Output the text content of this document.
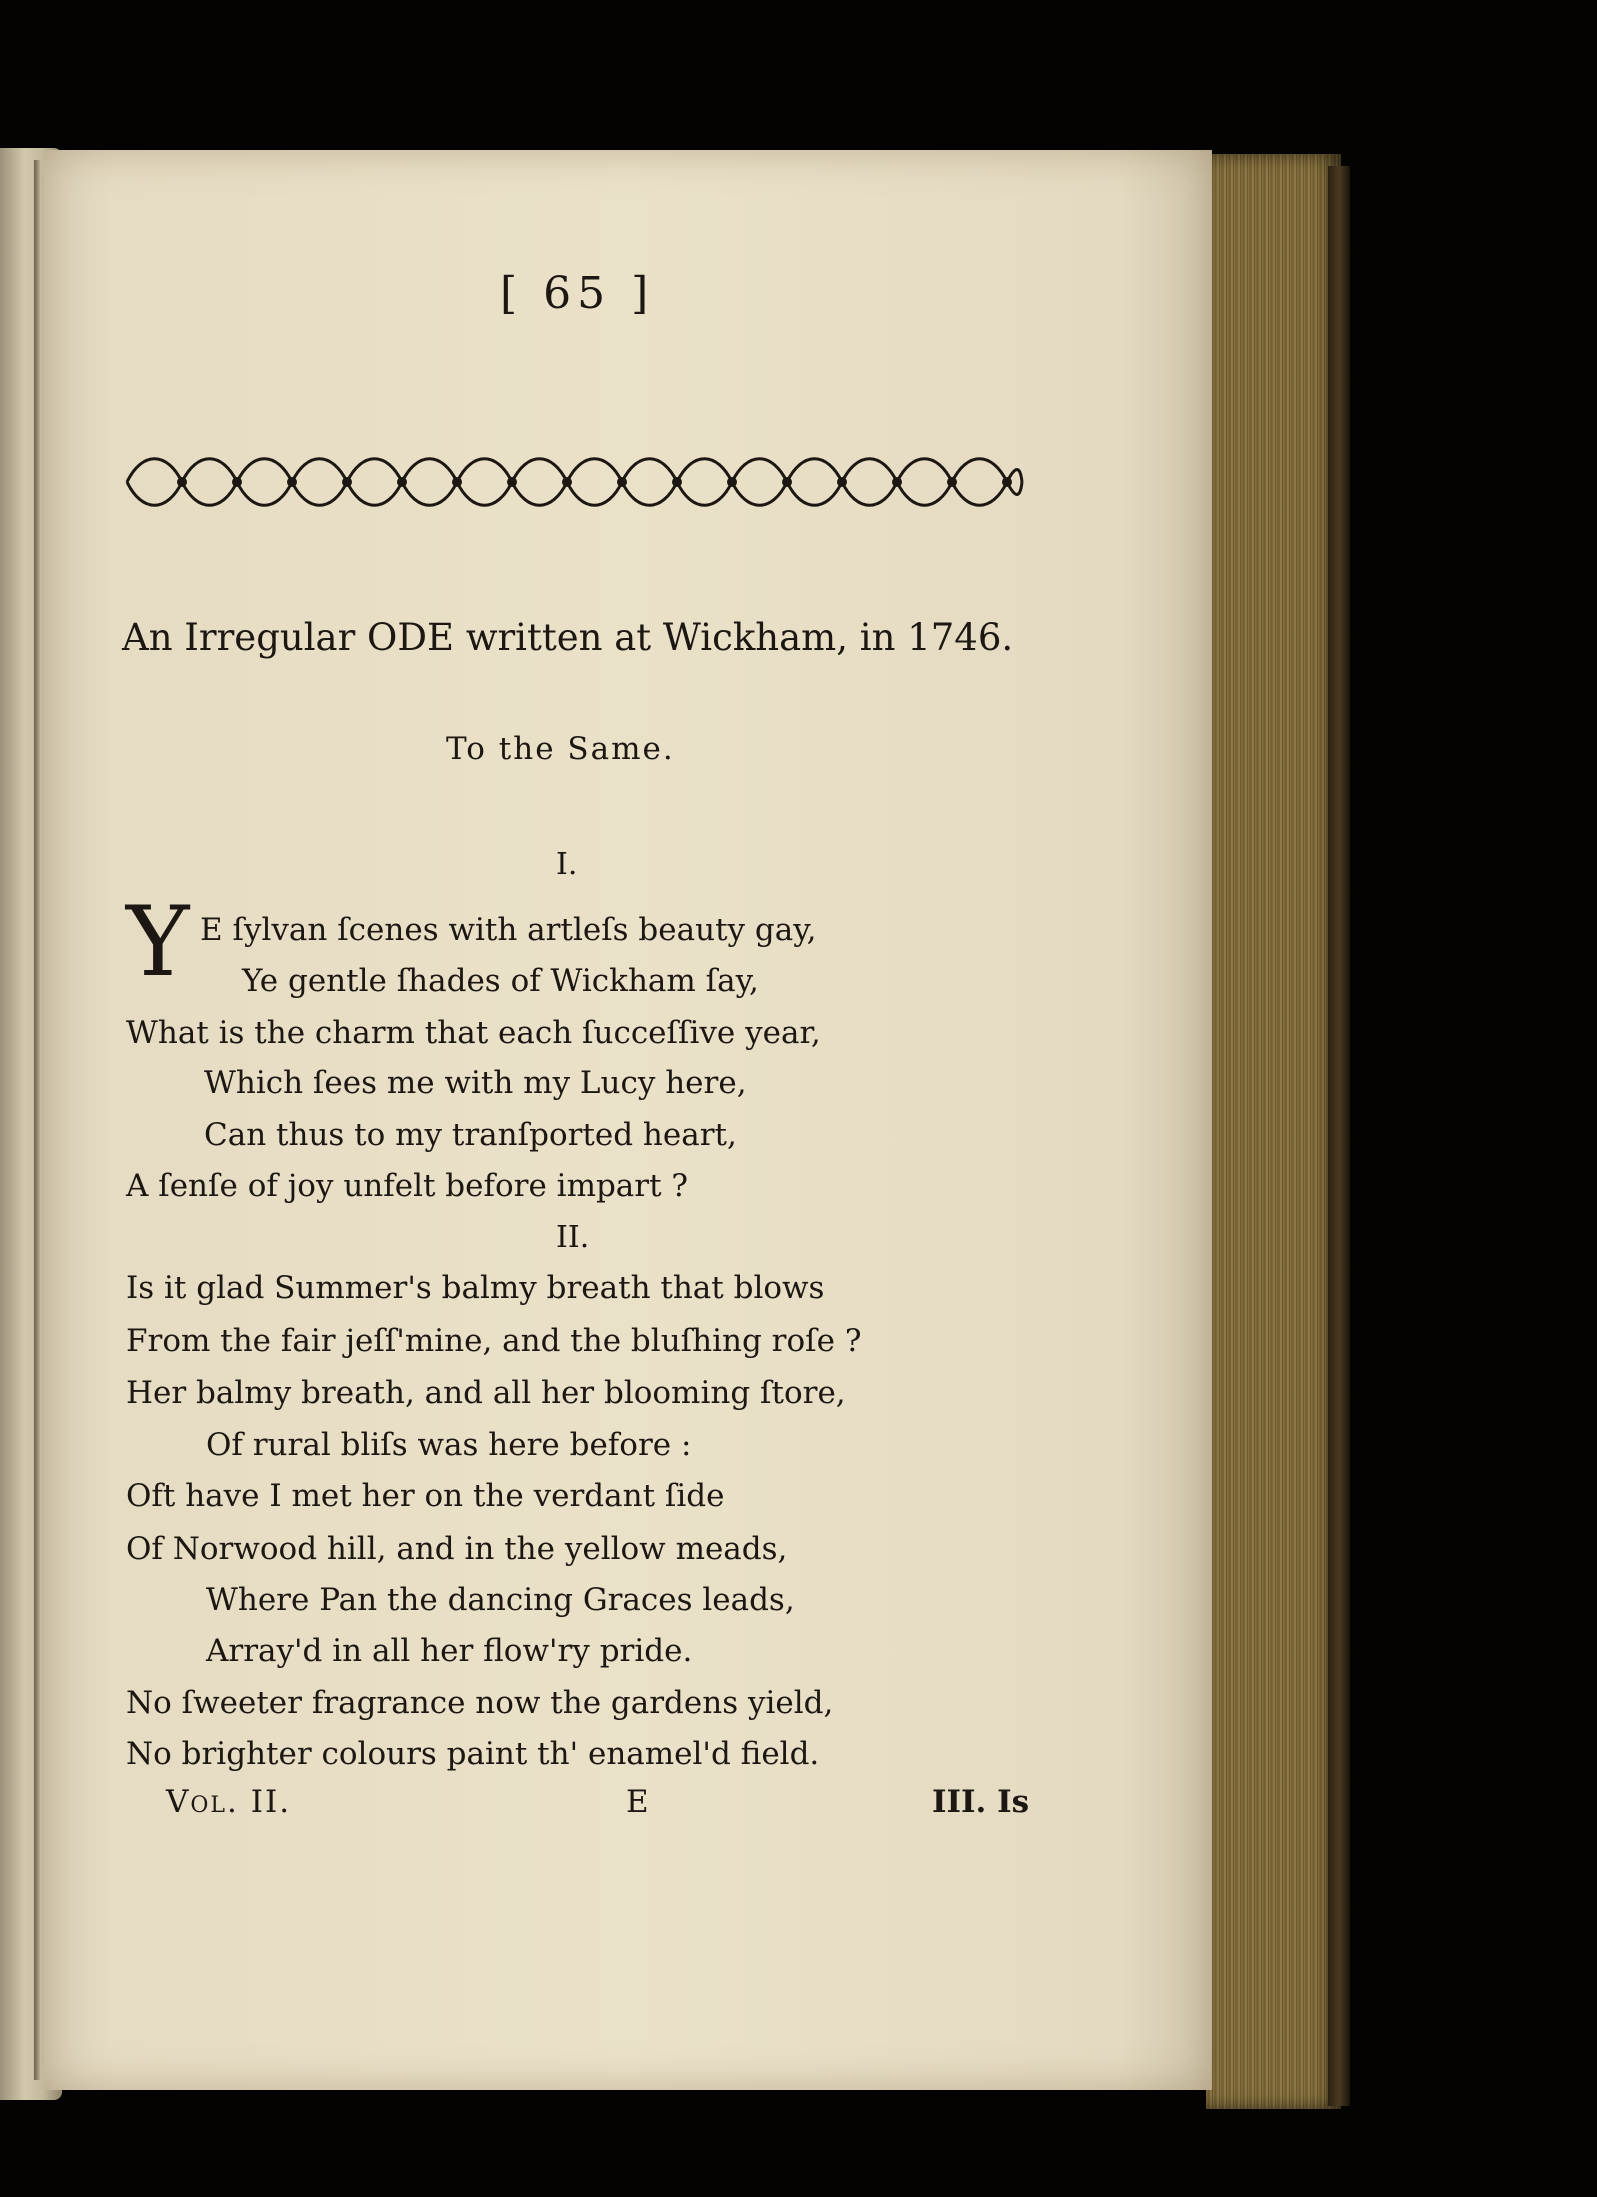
[ 65 ]
An Irregular ODE written at Wickham, in 1746.
To the Same.
I.
Y E ſylvan ſcenes with artleſs beauty gay,
Ye gentle ſhades of Wickham ſay,
What is the charm that each ſucceſſive year,
Which ſees me with my Lucy here,
Can thus to my tranſported heart,
A ſenſe of joy unfelt before impart ?
II.
Is it glad Summer's balmy breath that blows
From the fair jeſſ'mine, and the bluſhing roſe ?
Her balmy breath, and all her blooming ſtore,
Of rural bliſs was here before :
Oft have I met her on the verdant ſide
Of Norwood hill, and in the yellow meads,
Where Pan the dancing Graces leads,
Array'd in all her flow'ry pride.
No ſweeter fragrance now the gardens yield,
No brighter colours paint th' enamel'd field.
Vol. II.	E	III. Is
